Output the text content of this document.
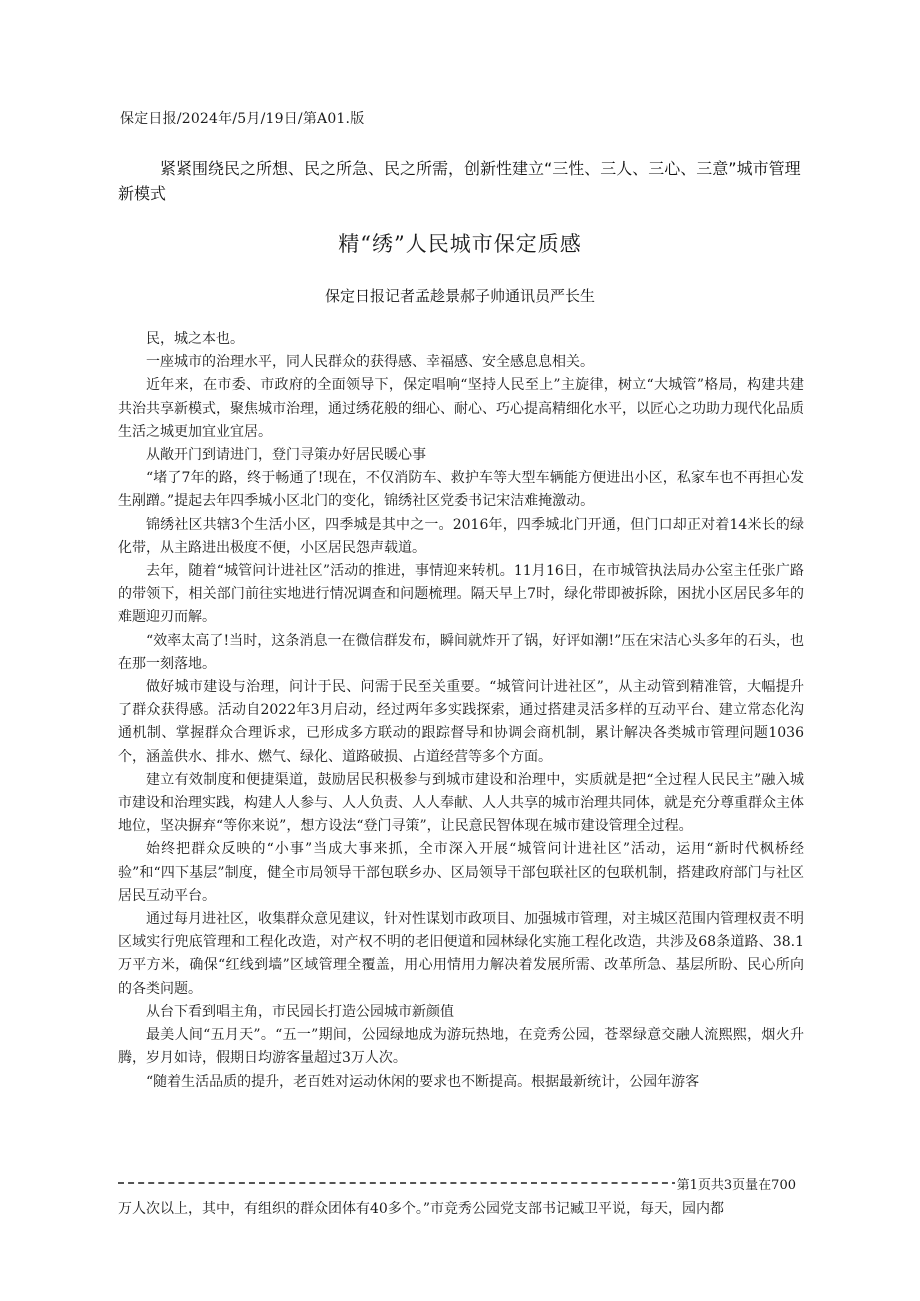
保定日报/2024年/5月/19日/第A01.版
紧紧围绕民之所想、民之所急、民之所需，创新性建立“三性、三人、三心、三意”城市管理新模式
精“绣”人民城市保定质感
保定日报记者孟趁景郝子帅通讯员严长生

民，城之本也。

一座城市的治理水平，同人民群众的获得感、幸福感、安全感息息相关。

近年来，在市委、市政府的全面领导下，保定唱响“坚持人民至上”主旋律，树立“大城管”格局，构建共建共治共享新模式，聚焦城市治理，通过绣花般的细心、耐心、巧心提高精细化水平，以匠心之功助力现代化品质生活之城更加宜业宜居。

从敞开门到请进门，登门寻策办好居民暖心事

“堵了7年的路，终于畅通了!现在，不仅消防车、救护车等大型车辆能方便进出小区，私家车也不再担心发生剐蹭。”提起去年四季城小区北门的变化，锦绣社区党委书记宋洁难掩激动。

锦绣社区共辖3个生活小区，四季城是其中之一。2016年，四季城北门开通，但门口却正对着14米长的绿化带，从主路进出极度不便，小区居民怨声载道。

去年，随着“城管问计进社区”活动的推进，事情迎来转机。11月16日，在市城管执法局办公室主任张广路的带领下，相关部门前往实地进行情况调查和问题梳理。隔天早上7时，绿化带即被拆除，困扰小区居民多年的难题迎刃而解。

“效率太高了!当时，这条消息一在微信群发布，瞬间就炸开了锅，好评如潮!”压在宋洁心头多年的石头，也在那一刻落地。

做好城市建设与治理，问计于民、问需于民至关重要。“城管问计进社区”，从主动管到精准管，大幅提升了群众获得感。活动自2022年3月启动，经过两年多实践探索，通过搭建灵活多样的互动平台、建立常态化沟通机制、掌握群众合理诉求，已形成多方联动的跟踪督导和协调会商机制，累计解决各类城市管理问题1036个，涵盖供水、排水、燃气、绿化、道路破损、占道经营等多个方面。

建立有效制度和便捷渠道，鼓励居民积极参与到城市建设和治理中，实质就是把“全过程人民民主”融入城市建设和治理实践，构建人人参与、人人负责、人人奉献、人人共享的城市治理共同体，就是充分尊重群众主体地位，坚决摒弃“等你来说”，想方设法“登门寻策”，让民意民智体现在城市建设管理全过程。

始终把群众反映的“小事”当成大事来抓，全市深入开展“城管问计进社区”活动，运用“新时代枫桥经验”和“四下基层”制度，健全市局领导干部包联乡办、区局领导干部包联社区的包联机制，搭建政府部门与社区居民互动平台。

通过每月进社区，收集群众意见建议，针对性谋划市政项目、加强城市管理，对主城区范围内管理权责不明区域实行兜底管理和工程化改造，对产权不明的老旧便道和园林绿化实施工程化改造，共涉及68条道路、38.1万平方米，确保“红线到墙”区域管理全覆盖，用心用情用力解决着发展所需、改革所急、基层所盼、民心所向的各类问题。

从台下看到唱主角，市民园长打造公园城市新颜值

最美人间“五月天”。“五一”期间，公园绿地成为游玩热地，在竞秀公园，苍翠绿意交融人流熙熙，烟火升腾，岁月如诗，假期日均游客量超过3万人次。

“随着生活品质的提升，老百姓对运动休闲的要求也不断提高。根据最新统计，公园年游客

第1页共3页量在700

万人次以上，其中，有组织的群众团体有40多个。”市竞秀公园党支部书记臧卫平说，每天，园内都
